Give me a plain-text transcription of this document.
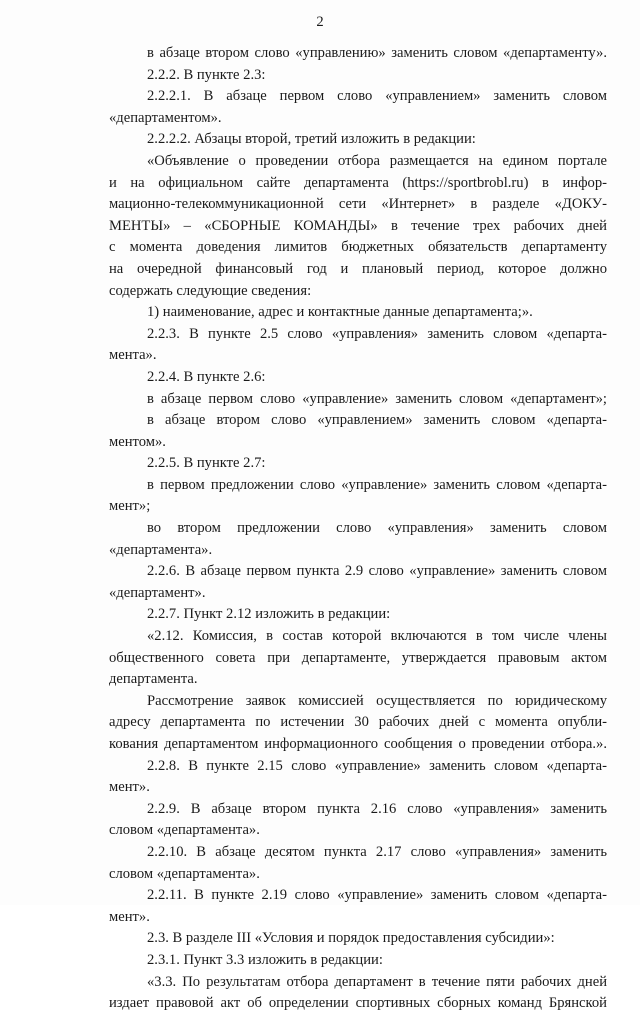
2
в абзаце втором слово «управлению» заменить словом «департаменту».
2.2.2. В пункте 2.3:
2.2.2.1. В абзаце первом слово «управлением» заменить словом
«департаментом».
2.2.2.2. Абзацы второй, третий изложить в редакции:
«Объявление о проведении отбора размещается на едином портале
и на официальном сайте департамента (https://sportbrobl.ru) в инфор-
мационно-телекоммуникационной сети «Интернет» в разделе «ДОКУ-
МЕНТЫ» – «СБОРНЫЕ КОМАНДЫ» в течение трех рабочих дней
с момента доведения лимитов бюджетных обязательств департаменту
на очередной финансовый год и плановый период, которое должно
содержать следующие сведения:
1) наименование, адрес и контактные данные департамента;».
2.2.3. В пункте 2.5 слово «управления» заменить словом «департа-
мента».
2.2.4. В пункте 2.6:
в абзаце первом слово «управление» заменить словом «департамент»;
в абзаце втором слово «управлением» заменить словом «департа-
ментом».
2.2.5. В пункте 2.7:
в первом предложении слово «управление» заменить словом «департа-
мент»;
во втором предложении слово «управления» заменить словом
«департамента».
2.2.6. В абзаце первом пункта 2.9 слово «управление» заменить словом
«департамент».
2.2.7. Пункт 2.12 изложить в редакции:
«2.12. Комиссия, в состав которой включаются в том числе члены
общественного совета при департаменте, утверждается правовым актом
департамента.
Рассмотрение заявок комиссией осуществляется по юридическому
адресу департамента по истечении 30 рабочих дней с момента опубли-
кования департаментом информационного сообщения о проведении отбора.».
2.2.8. В пункте 2.15 слово «управление» заменить словом «департа-
мент».
2.2.9. В абзаце втором пункта 2.16 слово «управления» заменить
словом «департамента».
2.2.10. В абзаце десятом пункта 2.17 слово «управления» заменить
словом «департамента».
2.2.11. В пункте 2.19 слово «управление» заменить словом «департа-
мент».
2.3. В разделе III «Условия и порядок предоставления субсидии»:
2.3.1. Пункт 3.3 изложить в редакции:
«3.3. По результатам отбора департамент в течение пяти рабочих дней
издает правовой акт об определении спортивных сборных команд Брянской
